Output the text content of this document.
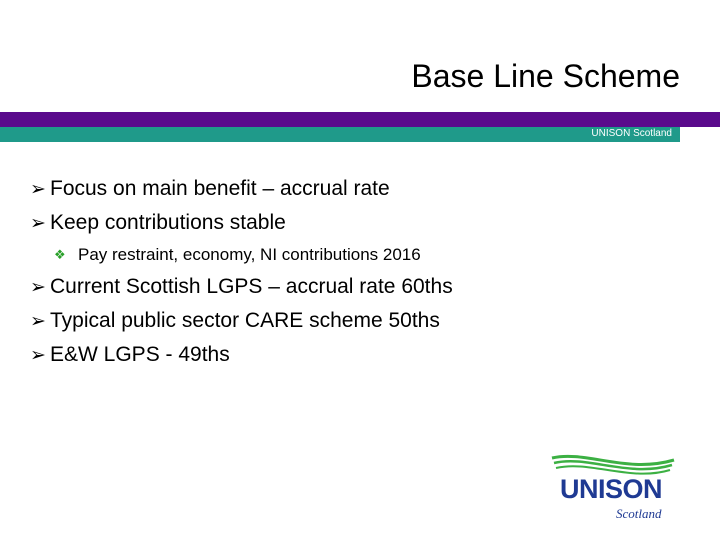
Base Line Scheme
UNISON Scotland
➢ Focus on main benefit – accrual rate
➢ Keep contributions stable
❖ Pay restraint, economy, NI contributions 2016
➢ Current Scottish LGPS – accrual rate 60ths
➢ Typical public sector CARE scheme 50ths
➢ E&W LGPS - 49ths
UNISON
Scotland
